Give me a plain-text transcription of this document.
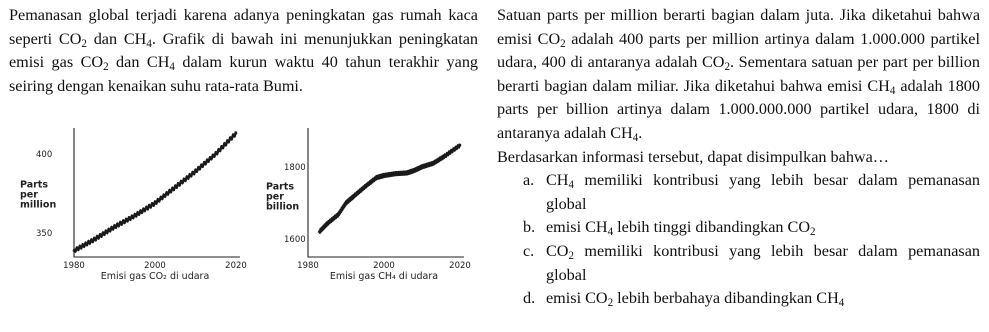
Pemanasan global terjadi karena adanya peningkatan gas rumah kaca seperti $CO_2$ dan $CH_4$. Grafik di bawah ini menunjukkan peningkatan emisi gas $CO_2$ dan $CH_4$ dalam kurun waktu 40 tahun terakhir yang seiring dengan kenaikan suhu rata-rata Bumi.
350
400
1980	2000	2020
Parts
per
million
Emisi gas CO₂ di udara
1600
1800
1980	2000	2020
Parts
per
billion
Emisi gas CH₄ di udara
Satuan parts per million berarti bagian dalam juta. Jika diketahui bahwa emisi $CO_2$ adalah 400 parts per million artinya dalam 1.000.000 partikel udara, 400 di antaranya adalah $CO_2$. Sementara satuan per part per billion berarti bagian dalam miliar. Jika diketahui bahwa emisi $CH_4$ adalah 1800 parts per billion artinya dalam 1.000.000.000 partikel udara, 1800 di antaranya adalah $CH_4$.
Berdasarkan informasi tersebut, dapat disimpulkan bahwa…
a. $CH_4$ memiliki kontribusi yang lebih besar dalam pemanasan global
b. emisi $CH_4$ lebih tinggi dibandingkan $CO_2$
c. $CO_2$ memiliki kontribusi yang lebih besar dalam pemanasan global
d. emisi $CO_2$ lebih berbahaya dibandingkan $CH_4$
